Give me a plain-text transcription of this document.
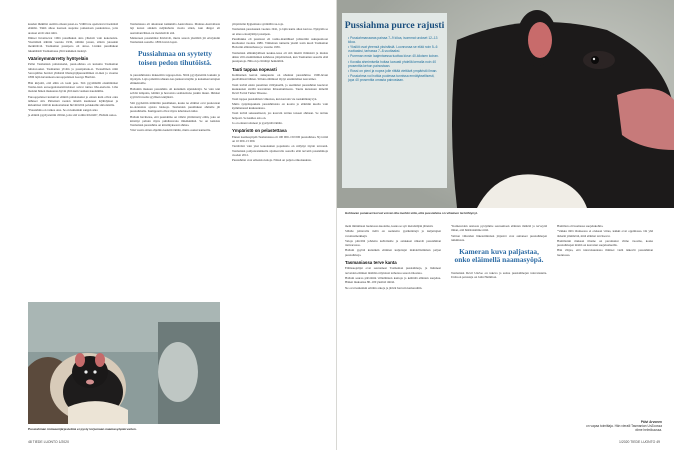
kauden ilkikilisi otettiin omaan pussi-sa. Välillä ne opettelevat itsenäistä elämää. Tämä alkaa naaraan suojelee poikasiaan peukaloissa, jotta urokset eivät söisi niitä.
Ilmiset havaitsevat villiä pussihukan aina yhteistä vain kokonaista. Yksittäisiä nähtiin vuonna 1936, nähtiin jotaan, silloin joissakin merkittäviä. Tasmanian pussipeto oli ainoa. Lisäksi pussihukan lukumäärät Tasmaniassa ylitti kaikkien tiedetyt.
Väärinymmärretty hyötyeläin
Pallet Tasmanian paholaiselei, pussi-ahmaa on kutsuttu Tasmanian tuholai-seksi. Tasmanian ylväin ja pussipiruak-si. Tieteellinen nimi Sarcophilus harrisii yhdistää lihansyöjäpussieläimen ni-men ja vuonna 1806 lajin kuvanneen eurooppalaisen George Harrisin.
Hän kirjoitti, että eläin on tosin peto. Sitä pyytämällä ensimmäiset Tasma-nian eurooppalaisetsiirtolaiset saivat tuntea liha-aterioita. Liha maistui hänen mukaansa hyvin yhtä kuin vasikan naudanliha.
Eurooppalaiset kutsuivat eläintä paholaiseksi jo ennen kuin olivat edes nähneet sitä. Pimeässä raadon ääreltä kuuluneet ärjähdykset ja kirkumiset riittivät kuulostamaan hirvittäviltä pelokkaille siirtolaisille.
"Pussiahma on vaikea otus. Se on kuitenkin sangen arka
ja eläintä pyydystettiin villinä, jotta sitä voitiin hävittää", Hallam sanoo.
Tasmaniassa eli aikoinaan kaikkialla Australiassa. Manner-Australiasta laji katosi ainakin neljätuhatta vuotta sitten, kun dingot eli australianvilikoi-rat metsästivät sitä.
Mantereen pussiahmat hävisivät, mutta saaren yksilöitä jäi eristyksiin Tasmanian saarelle. 1800-luvun lopul-
Pussiahmaa on syytetty toisen pedon tihutöistä.
la pussiahmoista maksettiin tappopa-lkio. Niitä pyydystettiin loukuin ja myrkyin. Lajia pidettiin uhkana kar-jankasvattajille ja kanankasvattajien elinkeinoille.
Hallamin mukaan pussiahma oli kuitenkin sijaiskärsijä. Se vain teki selvää lampaita, lehmiä ja hevosista saalistettuna jonkin muun. Ihmiset syyttivät naalia syyllisen tekijöistä.
Sitä pyydettiin nimittäin pussihukan, koska ne eläimet ovat puolestaan ka-dotetuista ajoista laiskoja. Tasmanian pussihukan ahmalle jäi pussiahmalle. Kumppanit olivat myös tuholaisen tuhot.
Hallam havittelee, että pussiahma on väärin ymmärretty eläin, joka on kärsinyt pahoin myös puhdistavana ilmeikkäänä. Se on kaikista Tasmanian pussiahma on kärsimyksessä ahmaa.
Viisi vuotta sitten ohjelma keskitti tämän, mutta osaksi kannoilla.
Pussiahman immuunijärjestelmä ei pysty torjumaan naamasyöpää varten.
48 TIEDE LUONTO 1/2020
ympäristön hygieniasta syömällä raa-toja.
Tasmanian pussisusien vuonna 1941, ja lajin kanta alkoi kasvaa. Nykyään se on ainoa eloonjäänyt pussipeto.
Pussihukka eli pussisusi eli tasma-nianiihkeri julistettiin sukupuuttoon kuolleeksi vuonna 1986. Viimeinen tunnettu yksilö tosin kuoli Tasmanian Hobartin eläintarhassa jo vuonna 1936.
Tasmanian eläinkirjallisen keskus-tessa eli sitä miettii ihmisistä ja muista uhkia villi ensimmäinen kahdessa ympäristössä, kun Tasmanian saarella elää pussipetoja. Hän on jo liittänyt henkilöitä.
Tauti tappaa nopeasti
Kolmannen kerran sukupuutto on uhannut pussiahmaa 1990-luvun puolivälissä lähtien. Silloin eläimissä löytyi ensimmäiset kasvaimet.
Tauti leviää ensin puremien välityksellä, ja useimmat pussiahmat kuolevat kuukausien sisällä kasvainten ilmaantumisesta. Tautia kutsutaan nimellä Devil Facial Tumor Disease.
Tauti tappaa pussiahman viikoissa, kun kasvain vie ruokkimiskyvyn.
Muita syöpätapauksia pussiahmoista on koottu ja eläimiin kuolla vain kymmenessä kuukaudessa.
Tauti leviää seksuaalisesti, jos kasvain tarttuu toiseen ahmaan. Se tarttuu helposti. Se kauhea asia on.
Jo on ennen taitaneet ja pysäyttää tämän.
Ympäristö on pelastettava
Ennen naamasyöpää Tasmaniassa eli 100 000–150 000 pussiahmaa. Nyt niitä on 10 000–15 000.
Tiettävästi vain yksi kokonainen populaatio on säilynyt täysin terveenä. Tasmanian pohjoisrannikolla sijaitsevalla saarella elää terveitä pussiahmoja vuoden 2012.
Pussiahmat ovat erikoisia kaloja. Niissä on paljon erikoisuuksia.
Pussiahma purce rajusti
• Pussiahmanaaras painaa 7–9 kiloa, isommat urokset 12–13 kiloa.
• Yksilöt ovat yleensä yksinäisiä. Luonnossa se elää noin 5–6 vuotiaaksi, tarhassa 7–8-vuotiaaksi.
• Pureman ensin laajentaessa tuottaa kivun 40-kiloisen koiran.
• Kovalla ahmimisella hoitaa luovasti yhdellä kerralla noin 40 prosenttia kehon painostaan.
• Rossi on pieni ja nopea jolle riittää viettävä ympäristö ilman.
• Pussiahma voi hotkia puolessa tunnissa ennätyksellisesti, jopa 40 prosenttia omasta painostaan.
Hohtavan punaiset korvat voivat olla merkki siitä, että pussiahma on vihainen tai kiihtynyt.
mein miinimaan luonnossa kuolema, koska se syö metsästäjän jätteistä.
Sillalle johtavalla tiellä on asennettu pysäköintejä ja kuljettajien varoitusmerkkejä.
Valoja päivällä johdettu kahvilaalle ja asiakkaat näkevät pussiahman tienvarressa.
Hallam pyytää kuitenkin eläinten kuljettajat mahdollisimman paljon pussiahmoja.
Tasmaniassa terve kanta
Eläinsuojelijat ovat seuranneet Tasmanian pussiahmoja, ja lisänneet terveiden eläinten määrää erityisissä tarhoissa saaren itäosissa.
Hallam seuraa päivittäin villieläinten kantoja ja kehittää eläinten suojelua. Hänen mukaansa 80–100 yksilöä riittää.
Ne ovat kuitenkin erittäin arkoja ja jäävät harvoin kameroihin.
"Kameroiden ansiosta pystymme seuraamaan eläinten määrää ja terveyttä ilman, että häiritsisimme niitä.
Valtion vihreiden liiketoiminnan järjestöt ovat auttaneet pussiahmojen tutkimusta.
Kameran kuva paljastaa, onko eläimellä naamasyöpä.
Tasmanian Devil UnZoo on tukeva ja auttaa pussiahmojen tulevaisuutta. UnZoon perustaja on John Hamilton.
Hamilton oli luomassa suojelukohtia.
"Vaikka tällä tilanteessa ei olekaan viirus, kaikki ovat oppimassa. On yhä tärkeää ymmärtää, mitä eläimet tarvitsevat.
Hamiltonin mukaan tilanne on parantunut viime vuosina, koska pussiahmojen määrä on kasvanut suojelualueilla.
Hän vihjaa, että tulevaisuudessa ihmiset vielä näkevät pussiahman luonnossa.
Päivi Arvonen
on vapaa toimittaja. Hän vieraili Tasmanian UnZoossa viime helmikuussa.
1/2020 TIEDE LUONTO 49
